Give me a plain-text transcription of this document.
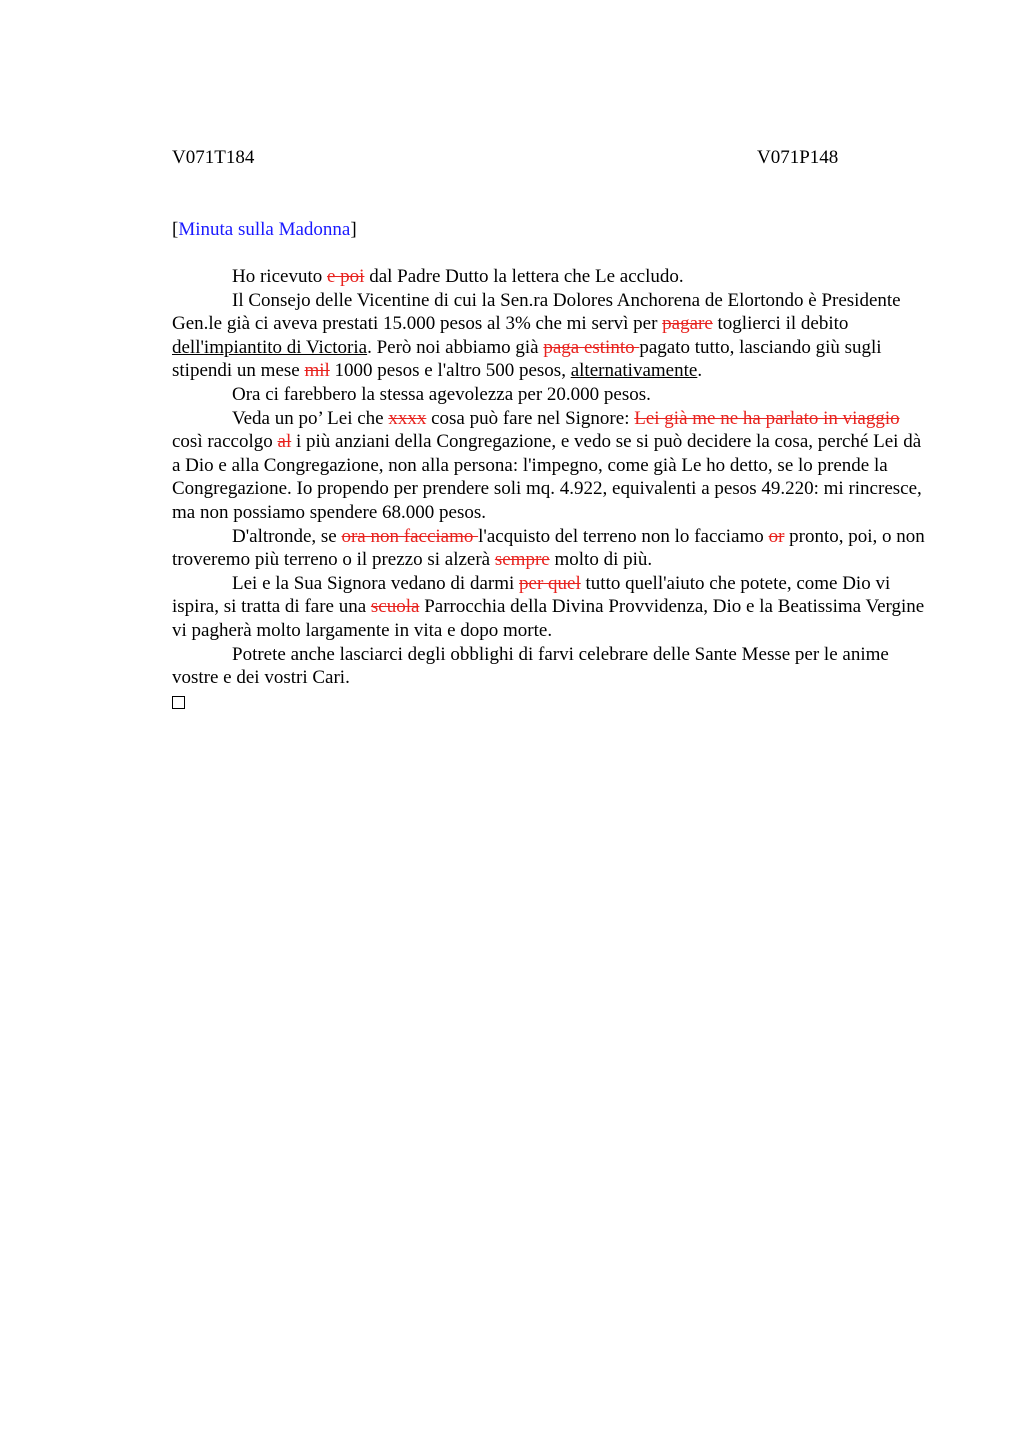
V071T184	V071P148
[Minuta sulla Madonna]

Ho ricevuto e poi dal Padre Dutto la lettera che Le accludo.

Il Consejo delle Vicentine di cui la Sen.ra Dolores Anchorena de Elortondo è Presidente Gen.le già ci aveva prestati 15.000 pesos al 3% che mi servì per pagare toglierci il debito dell'impiantito di Victoria. Però noi abbiamo già paga estinto pagato tutto, lasciando giù sugli stipendi un mese mil 1000 pesos e l'altro 500 pesos, alternativamente.

Ora ci farebbero la stessa agevolezza per 20.000 pesos.

Veda un po’ Lei che xxxx cosa può fare nel Signore: Lei già me ne ha parlato in viaggio così raccolgo al i più anziani della Congregazione, e vedo se si può decidere la cosa, perché Lei dà a Dio e alla Congregazione, non alla persona: l'impegno, come già Le ho detto, se lo prende la Congregazione. Io propendo per prendere soli mq. 4.922, equivalenti a pesos 49.220: mi rincresce, ma non possiamo spendere 68.000 pesos.

D'altronde, se ora non facciamo l'acquisto del terreno non lo facciamo or pronto, poi, o non troveremo più terreno o il prezzo si alzerà sempre molto di più.

Lei e la Sua Signora vedano di darmi per quel tutto quell'aiuto che potete, come Dio vi ispira, si tratta di fare una scuola Parrocchia della Divina Provvidenza, Dio e la Beatissima Vergine vi pagherà molto largamente in vita e dopo morte.

Potrete anche lasciarci degli obblighi di farvi celebrare delle Sante Messe per le anime vostre e dei vostri Cari.
